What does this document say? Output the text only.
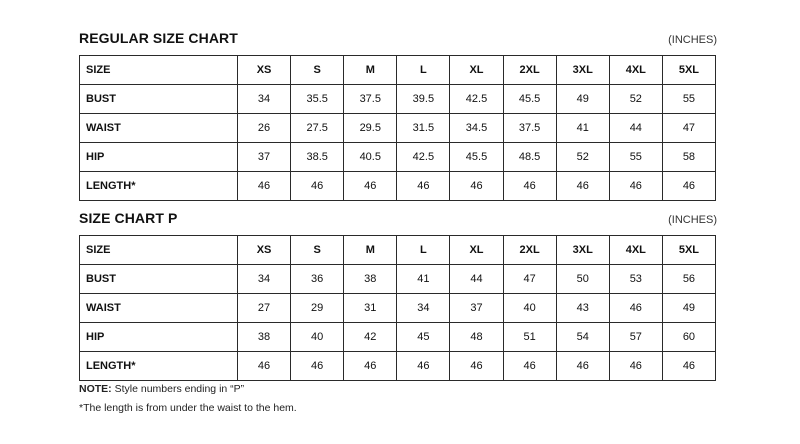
REGULAR SIZE CHART	(INCHES)
SIZE	XS	S	M	L	XL	2XL	3XL	4XL	5XL
BUST	34	35.5	37.5	39.5	42.5	45.5	49	52	55
WAIST	26	27.5	29.5	31.5	34.5	37.5	41	44	47
HIP	37	38.5	40.5	42.5	45.5	48.5	52	55	58
LENGTH*	46	46	46	46	46	46	46	46	46
SIZE CHART P	(INCHES)
SIZE	XS	S	M	L	XL	2XL	3XL	4XL	5XL
BUST	34	36	38	41	44	47	50	53	56
WAIST	27	29	31	34	37	40	43	46	49
HIP	38	40	42	45	48	51	54	57	60
LENGTH*	46	46	46	46	46	46	46	46	46
NOTE: Style numbers ending in “P”
*The length is from under the waist to the hem.
